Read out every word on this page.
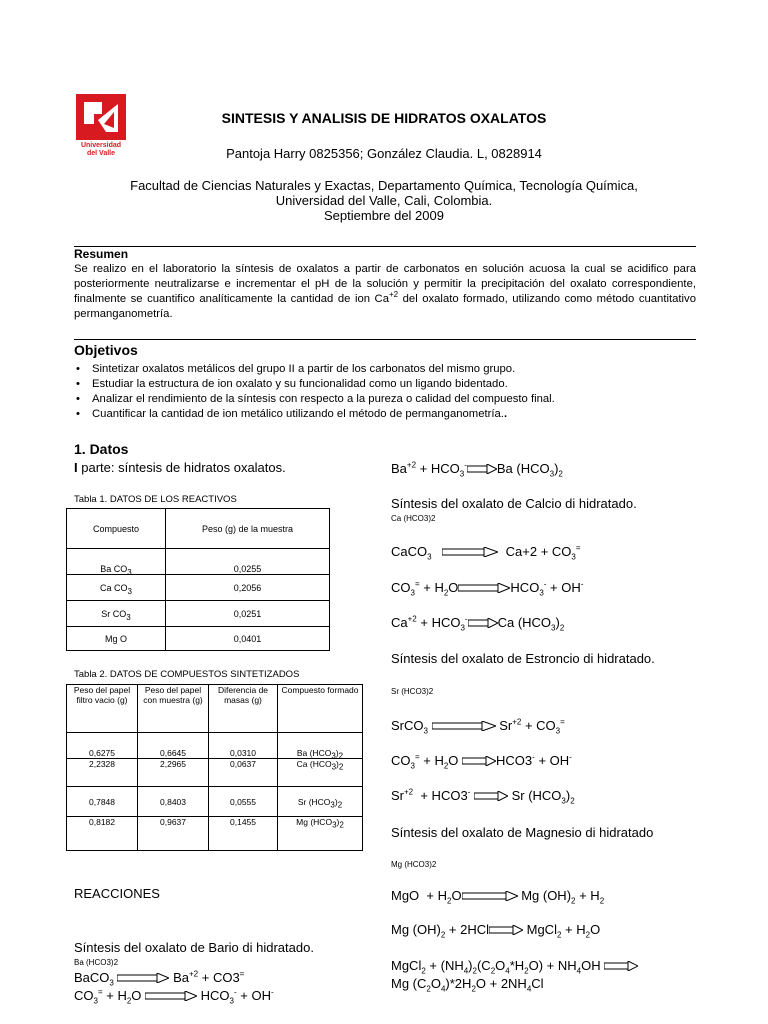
Universidad
del Valle
SINTESIS Y ANALISIS DE HIDRATOS OXALATOS
Pantoja Harry 0825356; González Claudia. L, 0828914
Facultad de Ciencias Naturales y Exactas, Departamento Química, Tecnología Química,
Universidad del Valle, Cali, Colombia.
Septiembre del 2009
Resumen
Se realizo en el laboratorio la síntesis de oxalatos a partir de carbonatos en solución acuosa la cual se acidifico para posteriormente neutralizarse e incrementar el pH de la solución y permitir la precipitación del oxalato correspondiente, finalmente se cuantifico analíticamente la cantidad de ion $Ca^{+2}$ del oxalato formado, utilizando como método cuantitativo permanganometría.
Objetivos
• Sintetizar oxalatos metálicos del grupo II a partir de los carbonatos del mismo grupo.
• Estudiar la estructura de ion oxalato y su funcionalidad como un ligando bidentado.
• Analizar el rendimiento de la síntesis con respecto a la pureza o calidad del compuesto final.
• Cuantificar la cantidad de ion metálico utilizando el método de permanganometría..
1. Datos
I parte: síntesis de hidratos oxalatos.
Tabla 1. DATOS DE LOS REACTIVOS
Compuesto	Peso (g) de la muestra
Ba $CO_3$	0,0255
Ca $CO_3$	0,2056
Sr $CO_3$	0,0251
Mg O	0,0401
Tabla 2. DATOS DE COMPUESTOS SINTETIZADOS
Peso del papel filtro vacio (g)	Peso del papel con muestra (g)	Diferencia de masas (g)	Compuesto formado
0,6275	0,6645	0,0310	Ba $(HCO_3)_2$
2,2328	2,2965	0,0637	Ca $(HCO_3)_2$
0,7848	0,8403	0,0555	Sr $(HCO_3)_2$
0,8182	0,9637	0,1455	Mg $(HCO_3)_2$
REACCIONES
Síntesis del oxalato de Bario di hidratado.
Ba (HCO3)2
BaCO$_3$	$Ba^{+2} + CO3^=$
$CO_3^= + H_2O$	$HCO_3^- + OH^-$
$Ba^{+2} + HCO_3^-$ Ba $(HCO_3)_2$
Síntesis del oxalato de Calcio di hidratado.
Ca (HCO3)2
CaCO$_3$	$Ca+2 + CO_3^=$
$CO_3^= + H_2O$	$HCO_3^- + OH^-$
$Ca^{+2} + HCO_3^-$ Ca $(HCO_3)_2$
Síntesis del oxalato de Estroncio di hidratado.
Sr (HCO3)2
SrCO$_3$	$Sr^{+2} + CO_3^=$
$CO_3^= + H_2O$	HCO3- + OH-
$Sr^{+2} + HCO3^-$	Sr $(HCO_3)_2$
Síntesis del oxalato de Magnesio di hidratado
Mg (HCO3)2
MgO  + $H_2O$	Mg $(OH)_2 + H_2$
Mg $(OH)_2 + 2HCl$	MgCl$_2$ + $H_2O$
MgCl$_2$ + $(NH_4)_2(C_2O_4*H_2O) + NH_4OH$
Mg $(C_2O_4)*2H_2O + 2NH_4Cl$
